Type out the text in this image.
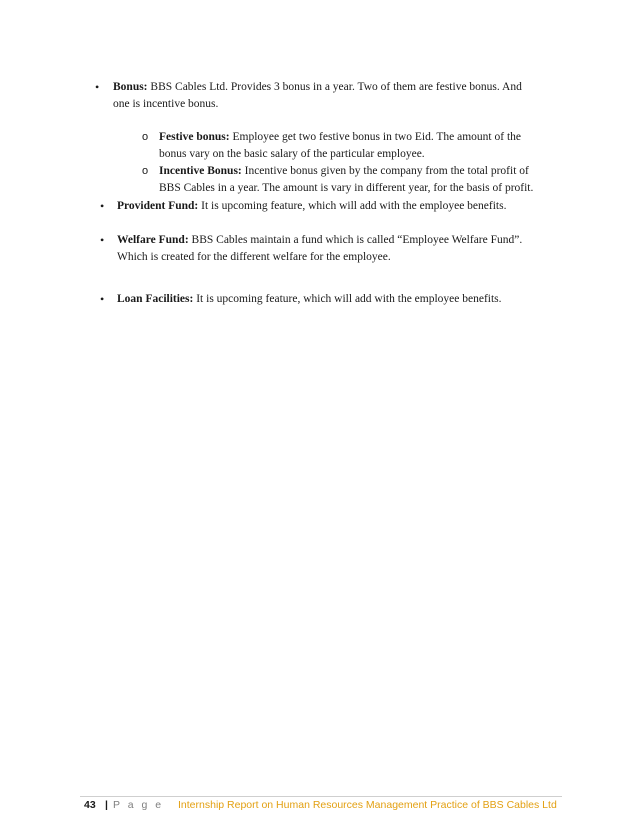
• Bonus: BBS Cables Ltd. Provides 3 bonus in a year. Two of them are festive bonus. And
one is incentive bonus.
o Festive bonus: Employee get two festive bonus in two Eid. The amount of the
bonus vary on the basic salary of the particular employee.
o Incentive Bonus: Incentive bonus given by the company from the total profit of
BBS Cables in a year. The amount is vary in different year, for the basis of profit.
• Provident Fund: It is upcoming feature, which will add with the employee benefits.
• Welfare Fund: BBS Cables maintain a fund which is called “Employee Welfare Fund”.
Which is created for the different welfare for the employee.
• Loan Facilities: It is upcoming feature, which will add with the employee benefits.
43 | P a g e Internship Report on Human Resources Management Practice of BBS Cables Ltd
